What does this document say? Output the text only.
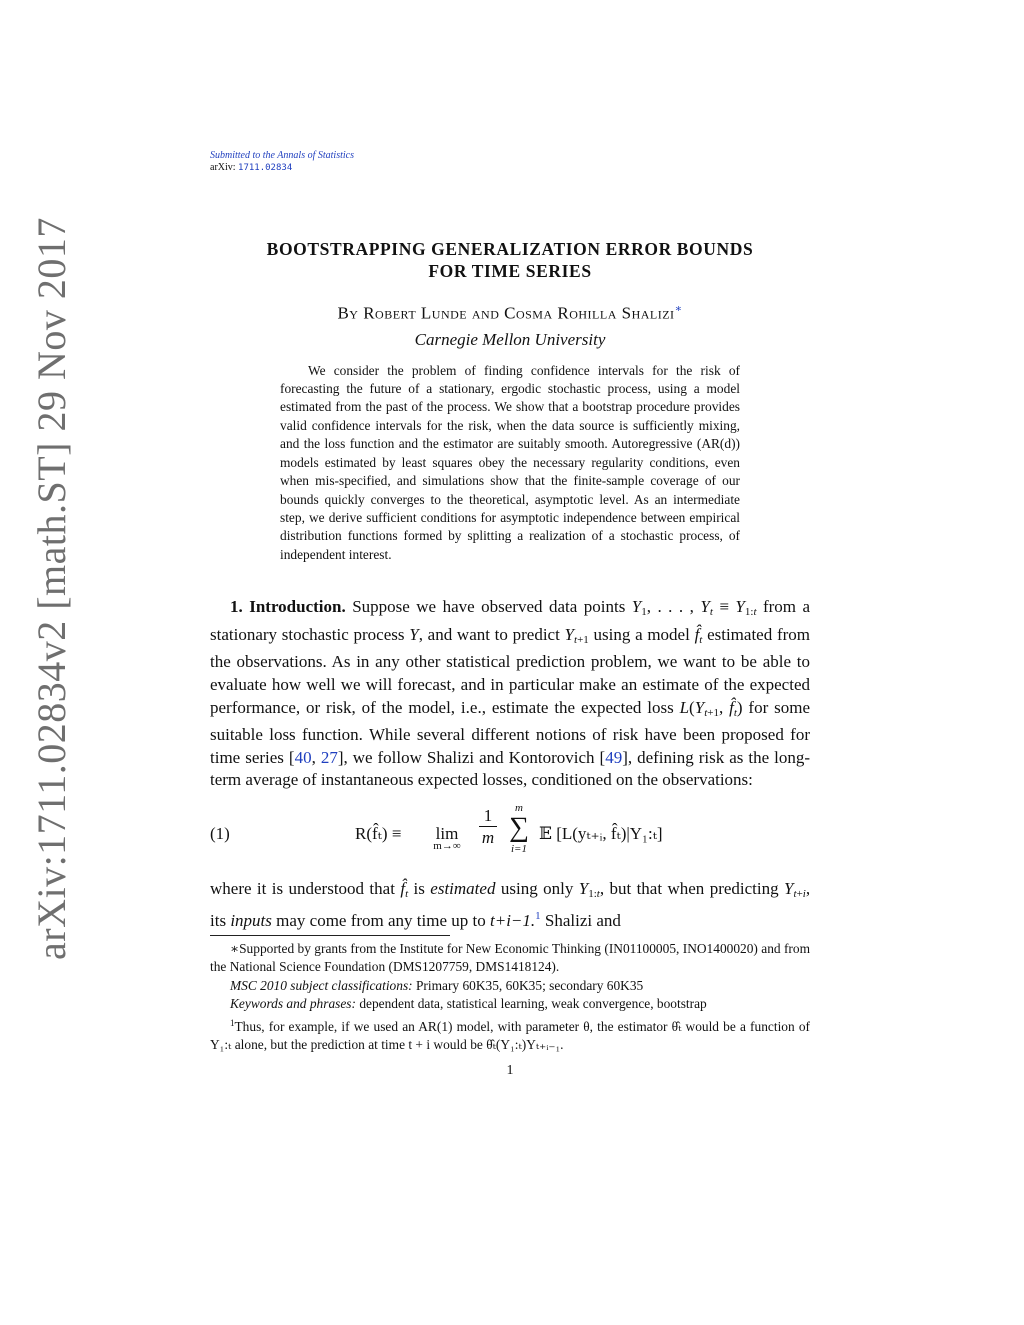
arXiv:1711.02834v2 [math.ST] 29 Nov 2017
Submitted to the Annals of Statistics
arXiv: 1711.02834
BOOTSTRAPPING GENERALIZATION ERROR BOUNDS
FOR TIME SERIES
By Robert Lunde and Cosma Rohilla Shalizi∗
Carnegie Mellon University
We consider the problem of finding confidence intervals for the risk of forecasting the future of a stationary, ergodic stochastic process, using a model estimated from the past of the process. We show that a bootstrap procedure provides valid confidence intervals for the risk, when the data source is sufficiently mixing, and the loss function and the estimator are suitably smooth. Autoregressive (AR(d)) models estimated by least squares obey the necessary regularity conditions, even when mis-specified, and simulations show that the finite-sample coverage of our bounds quickly converges to the theoretical, asymptotic level. As an intermediate step, we derive sufficient conditions for asymptotic independence between empirical distribution functions formed by splitting a realization of a stochastic process, of independent interest.
1. Introduction. Suppose we have observed data points $Y_1$, . . . , $Y_t \equiv Y_{1:t}$ from a stationary stochastic process Y, and want to predict $Y_{t+1}$ using a model $f̂_t$ estimated from the observations. As in any other statistical prediction problem, we want to be able to evaluate how well we will forecast, and in particular make an estimate of the expected performance, or risk, of the model, i.e., estimate the expected loss $L(Y_{t+1}$, $f̂_t$) for some suitable loss function. While several different notions of risk have been proposed for time series [40, 27], we follow Shalizi and Kontorovich [49], defining risk as the long-term average of instantaneous expected losses, conditioned on the observations:
(1)	R(f̂ₜ) ≡	lim
m→∞	$\frac{1}{m}$	m
∑
i=1
𝔼 [L(yₜ₊ᵢ, f̂ₜ)|Y₁:ₜ]
where it is understood that $f̂_t$ is estimated using only $Y_{1:t}$, but that when predicting $Y_{t+i}$, its inputs may come from any time up to t+i−1.$^1$ Shalizi and

∗Supported by grants from the Institute for New Economic Thinking (IN01100005, INO1400020) and from the National Science Foundation (DMS1207759, DMS1418124).

MSC 2010 subject classifications: Primary 60K35, 60K35; secondary 60K35

Keywords and phrases: dependent data, statistical learning, weak convergence, bootstrap

$^1$Thus, for example, if we used an AR(1) model, with parameter θ, the estimator θ̂ₜ would be a function of Y₁:ₜ alone, but the prediction at time t + i would be θ̂ₜ(Y₁:ₜ)Yₜ₊ᵢ₋₁.

1
